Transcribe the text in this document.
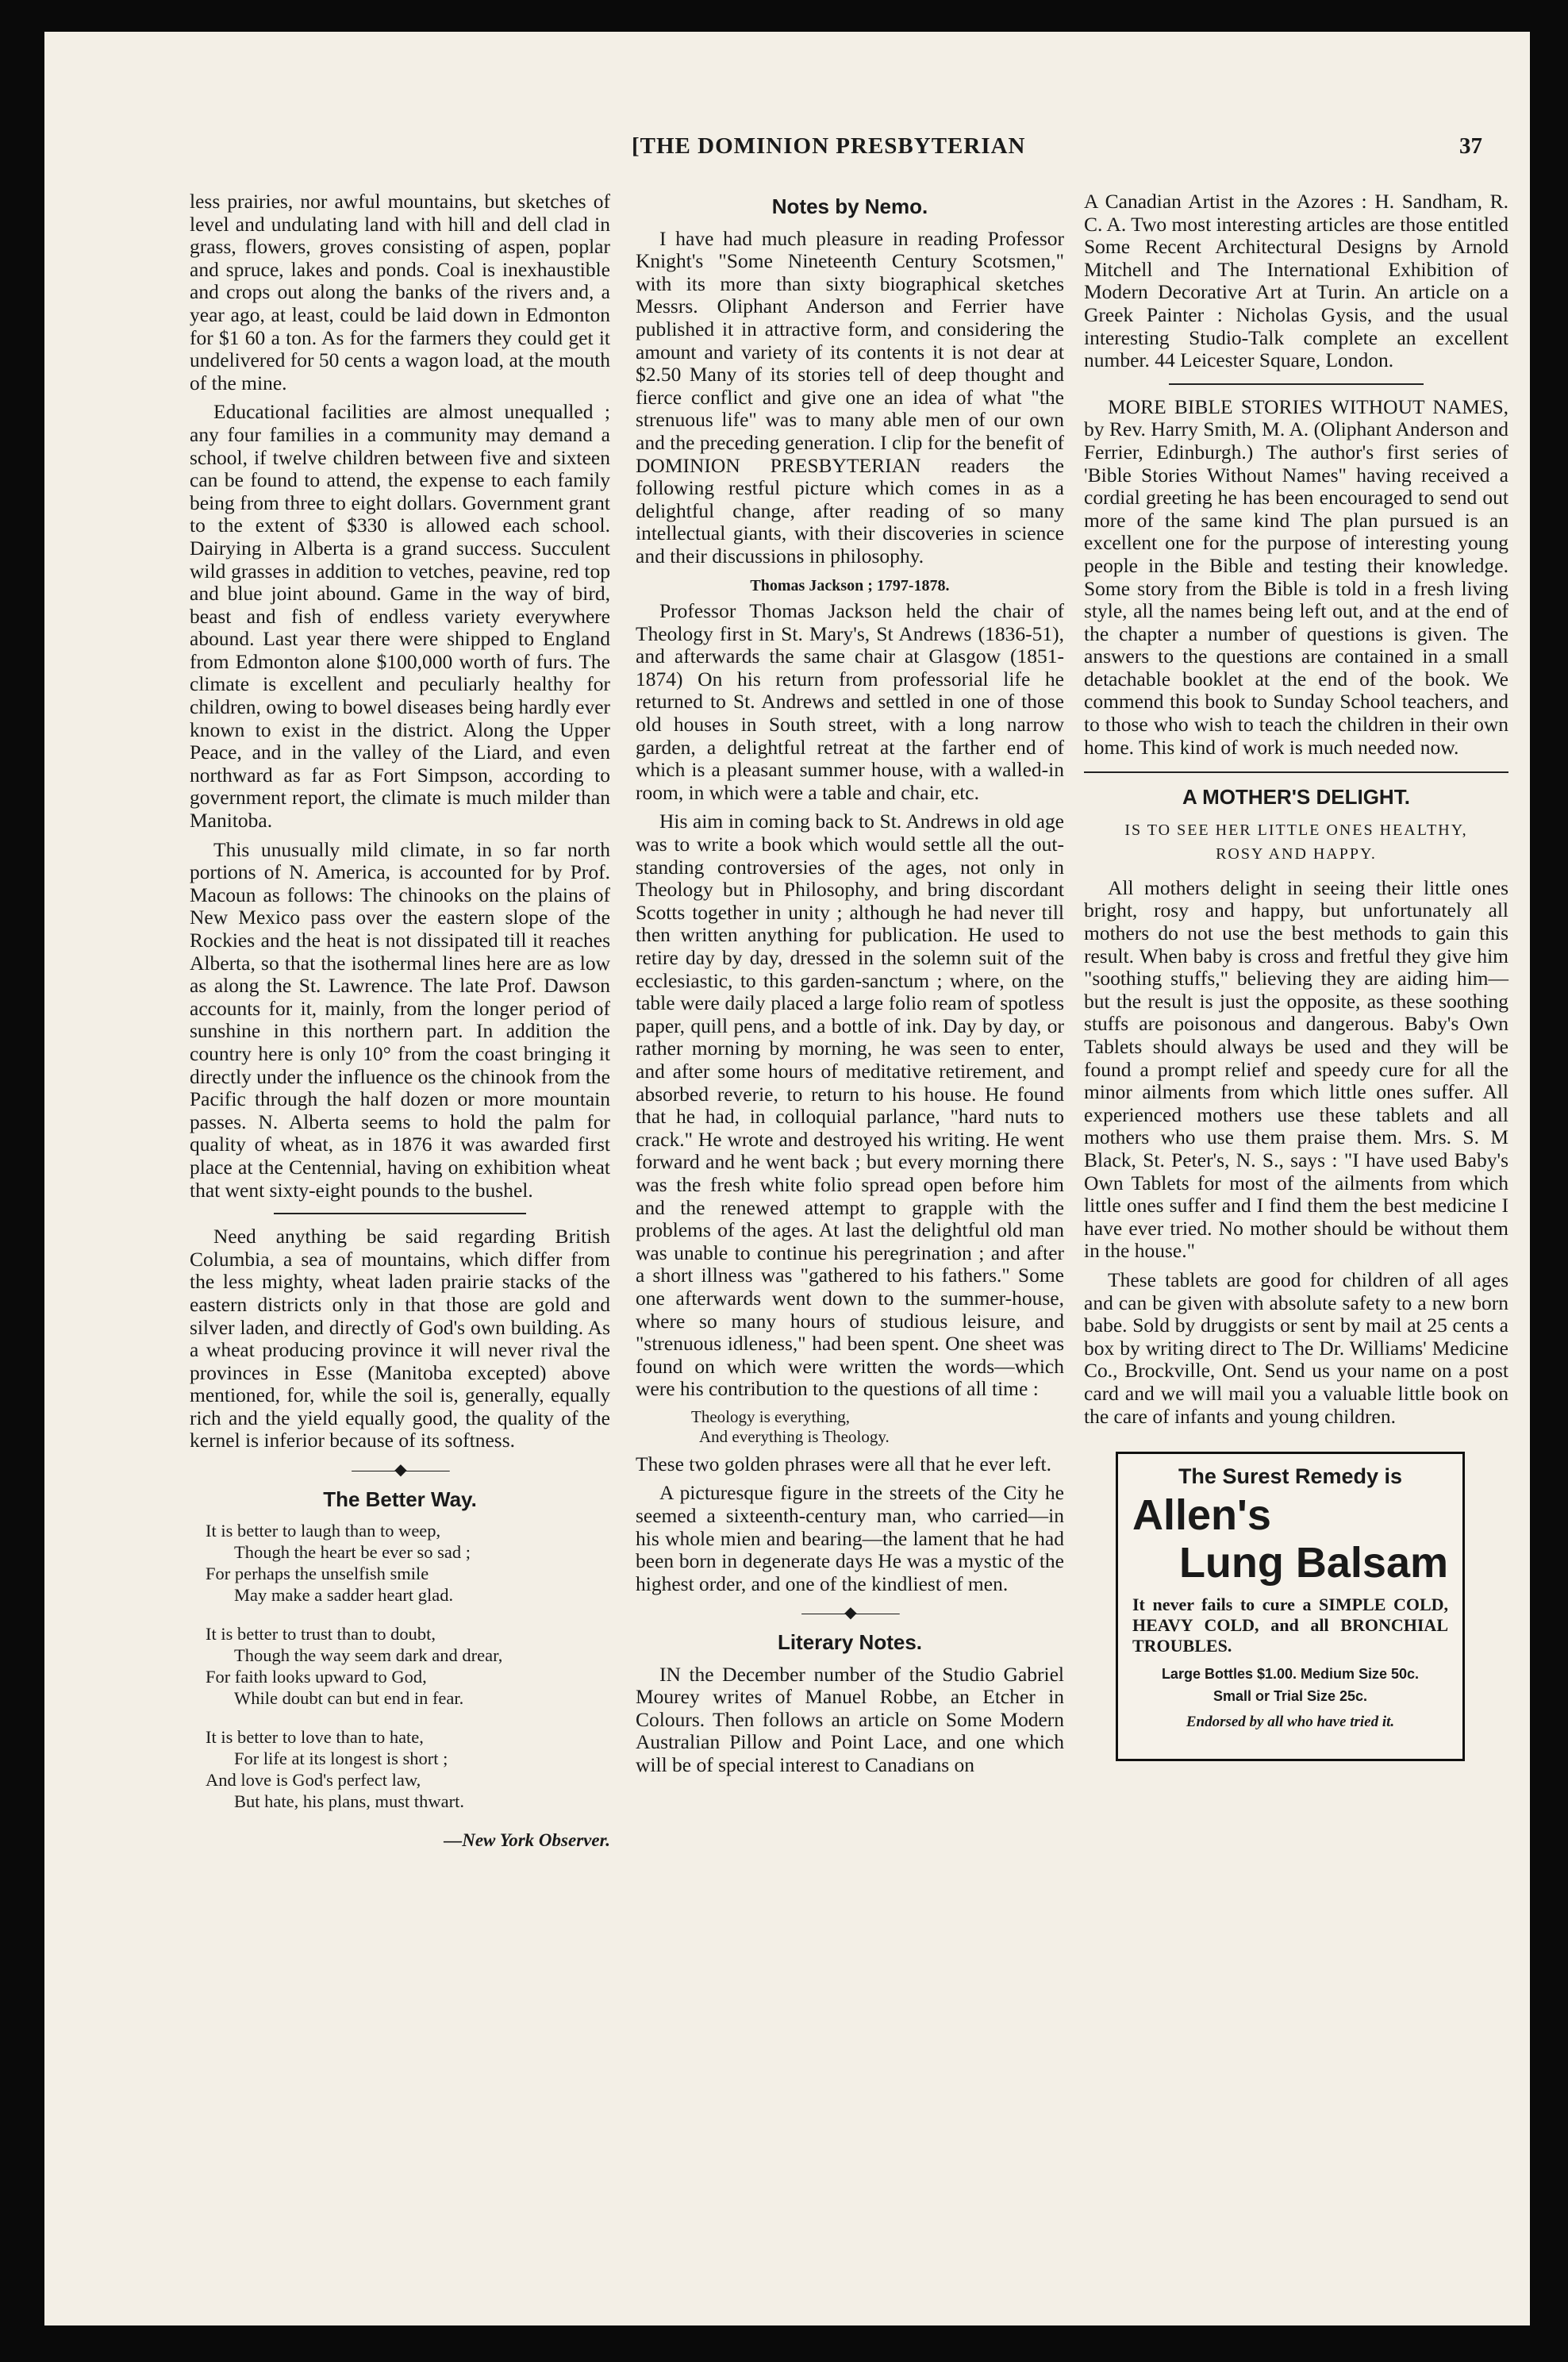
[THE DOMINION PRESBYTERIAN	37

less prairies, nor awful mountains, but sketches of level and undulating land with hill and dell clad in grass, flowers, groves consisting of aspen, poplar and spruce, lakes and ponds. Coal is inexhaustible and crops out along the banks of the rivers and, a year ago, at least, could be laid down in Edmonton for $1 60 a ton. As for the farmers they could get it undelivered for 50 cents a wagon load, at the mouth of the mine.

Educational facilities are almost unequalled ; any four families in a community may demand a school, if twelve children between five and sixteen can be found to attend, the expense to each family being from three to eight dollars. Government grant to the extent of $330 is allowed each school. Dairying in Alberta is a grand success. Succulent wild grasses in addition to vetches, peavine, red top and blue joint abound. Game in the way of bird, beast and fish of endless variety everywhere abound. Last year there were shipped to England from Edmonton alone $100,000 worth of furs. The climate is excellent and peculiarly healthy for children, owing to bowel diseases being hardly ever known to exist in the district. Along the Upper Peace, and in the valley of the Liard, and even northward as far as Fort Simpson, according to government report, the climate is much milder than Manitoba.

This unusually mild climate, in so far north portions of N. America, is accounted for by Prof. Macoun as follows: The chinooks on the plains of New Mexico pass over the eastern slope of the Rockies and the heat is not dissipated till it reaches Alberta, so that the isothermal lines here are as low as along the St. Lawrence. The late Prof. Dawson accounts for it, mainly, from the longer period of sunshine in this northern part. In addition the country here is only 10° from the coast bringing it directly under the influence os the chinook from the Pacific through the half dozen or more mountain passes. N. Alberta seems to hold the palm for quality of wheat, as in 1876 it was awarded first place at the Centennial, having on exhibition wheat that went sixty-eight pounds to the bushel.

Need anything be said regarding British Columbia, a sea of mountains, which differ from the less mighty, wheat laden prairie stacks of the eastern districts only in that those are gold and silver laden, and directly of God's own building. As a wheat producing province it will never rival the provinces in Esse (Manitoba excepted) above mentioned, for, while the soil is, generally, equally rich and the yield equally good, the quality of the kernel is inferior because of its softness.

———◆———
The Better Way.
It is better to laugh than to weep,
Though the heart be ever so sad ;
For perhaps the unselfish smile
May make a sadder heart glad.
It is better to trust than to doubt,
Though the way seem dark and drear,
For faith looks upward to God,
While doubt can but end in fear.
It is better to love than to hate,
For life at its longest is short ;
And love is God's perfect law,
But hate, his plans, must thwart.
—New York Observer.
Notes by Nemo.

I have had much pleasure in reading Professor Knight's "Some Nineteenth Century Scotsmen," with its more than sixty biographical sketches Messrs. Oliphant Anderson and Ferrier have published it in attractive form, and considering the amount and variety of its contents it is not dear at $2.50 Many of its stories tell of deep thought and fierce conflict and give one an idea of what "the strenuous life" was to many able men of our own and the preceding generation. I clip for the benefit of DOMINION PRESBYTERIAN readers the following restful picture which comes in as a delightful change, after reading of so many intellectual giants, with their discoveries in science and their discussions in philosophy.

Thomas Jackson ; 1797-1878.

Professor Thomas Jackson held the chair of Theology first in St. Mary's, St Andrews (1836-51), and afterwards the same chair at Glasgow (1851-1874) On his return from professorial life he returned to St. Andrews and settled in one of those old houses in South street, with a long narrow garden, a delightful retreat at the farther end of which is a pleasant summer house, with a walled-in room, in which were a table and chair, etc.

His aim in coming back to St. Andrews in old age was to write a book which would settle all the out-standing controversies of the ages, not only in Theology but in Philosophy, and bring discordant Scotts together in unity ; although he had never till then written anything for publication. He used to retire day by day, dressed in the solemn suit of the ecclesiastic, to this garden-sanctum ; where, on the table were daily placed a large folio ream of spotless paper, quill pens, and a bottle of ink. Day by day, or rather morning by morning, he was seen to enter, and after some hours of meditative retirement, and absorbed reverie, to return to his house. He found that he had, in colloquial parlance, "hard nuts to crack." He wrote and destroyed his writing. He went forward and he went back ; but every morning there was the fresh white folio spread open before him and the renewed attempt to grapple with the problems of the ages. At last the delightful old man was unable to continue his peregrination ; and after a short illness was "gathered to his fathers." Some one afterwards went down to the summer-house, where so many hours of studious leisure, and "strenuous idleness," had been spent. One sheet was found on which were written the words—which were his contribution to the questions of all time :

Theology is everything,
And everything is Theology.

These two golden phrases were all that he ever left.

A picturesque figure in the streets of the City he seemed a sixteenth-century man, who carried—in his whole mien and bearing—the lament that he had been born in degenerate days He was a mystic of the highest order, and one of the kindliest of men.

———◆———
Literary Notes.

IN the December number of the Studio Gabriel Mourey writes of Manuel Robbe, an Etcher in Colours. Then follows an article on Some Modern Australian Pillow and Point Lace, and one which will be of special interest to Canadians on

A Canadian Artist in the Azores : H. Sandham, R. C. A. Two most interesting articles are those entitled Some Recent Architectural Designs by Arnold Mitchell and The International Exhibition of Modern Decorative Art at Turin. An article on a Greek Painter : Nicholas Gysis, and the usual interesting Studio-Talk complete an excellent number. 44 Leicester Square, London.

MORE BIBLE STORIES WITHOUT NAMES, by Rev. Harry Smith, M. A. (Oliphant Anderson and Ferrier, Edinburgh.) The author's first series of 'Bible Stories Without Names" having received a cordial greeting he has been encouraged to send out more of the same kind The plan pursued is an excellent one for the purpose of interesting young people in the Bible and testing their knowledge. Some story from the Bible is told in a fresh living style, all the names being left out, and at the end of the chapter a number of questions is given. The answers to the questions are contained in a small detachable booklet at the end of the book. We commend this book to Sunday School teachers, and to those who wish to teach the children in their own home. This kind of work is much needed now.

A MOTHER'S DELIGHT.
IS TO SEE HER LITTLE ONES HEALTHY,
ROSY AND HAPPY.

All mothers delight in seeing their little ones bright, rosy and happy, but unfortunately all mothers do not use the best methods to gain this result. When baby is cross and fretful they give him "soothing stuffs," believing they are aiding him—but the result is just the opposite, as these soothing stuffs are poisonous and dangerous. Baby's Own Tablets should always be used and they will be found a prompt relief and speedy cure for all the minor ailments from which little ones suffer. All experienced mothers use these tablets and all mothers who use them praise them. Mrs. S. M Black, St. Peter's, N. S., says : "I have used Baby's Own Tablets for most of the ailments from which little ones suffer and I find them the best medicine I have ever tried. No mother should be without them in the house."

These tablets are good for children of all ages and can be given with absolute safety to a new born babe. Sold by druggists or sent by mail at 25 cents a box by writing direct to The Dr. Williams' Medicine Co., Brockville, Ont. Send us your name on a post card and we will mail you a valuable little book on the care of infants and young children.

The Surest Remedy is
Allen's
Lung Balsam
It never fails to cure a SIMPLE COLD, HEAVY COLD, and all BRONCHIAL TROUBLES.
Large Bottles $1.00. Medium Size 50c.
Small or Trial Size 25c.
Endorsed by all who have tried it.
